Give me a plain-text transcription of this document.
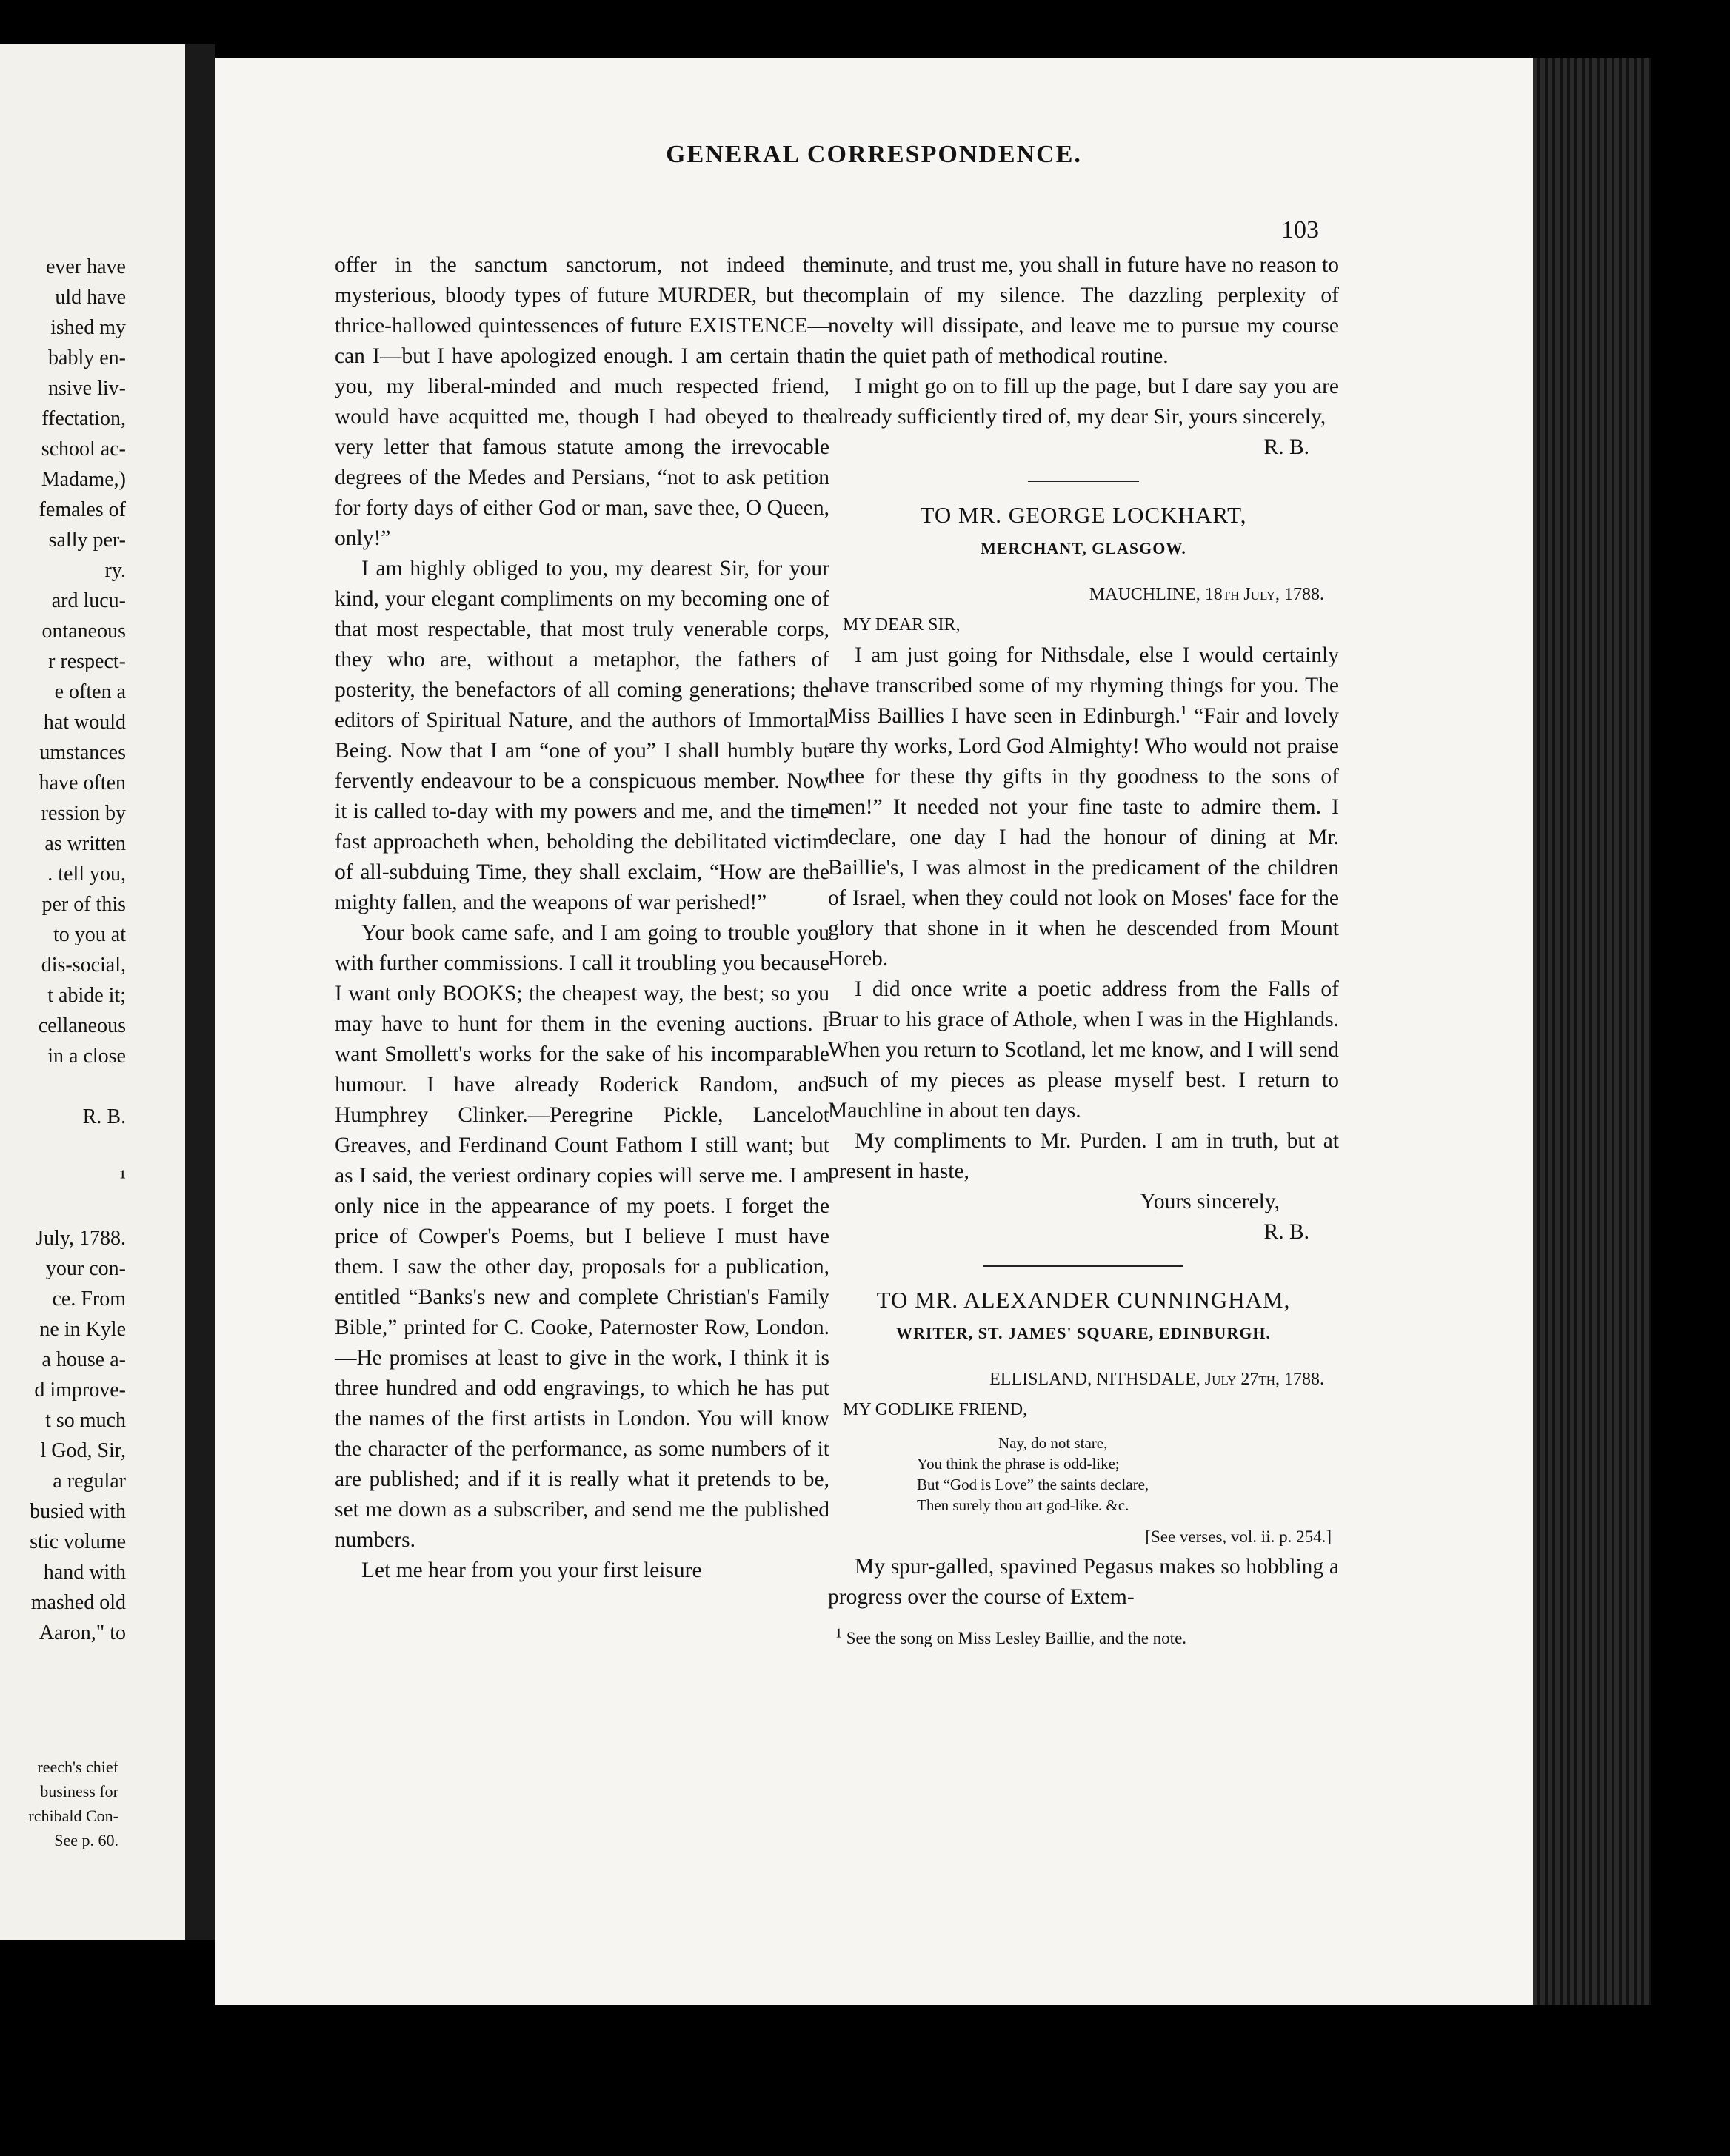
ever have
uld have
ished my
bably en-
nsive liv-
ffectation,
school ac-
Madame,)
females of
sally per-
ry.
ard lucu-
ontaneous
r respect-
e often a
hat would
umstances
have often
ression by
as written
. tell you,
per of this
to you at
dis-social,
t abide it;
cellaneous
in a close
R. B.
¹
July, 1788.
your con-
ce. From
ne in Kyle
a house a-
d improve-
t so much
l God, Sir,
a regular
busied with
stic volume
hand with
mashed old
Aaron," to
reech's chief
business for
rchibald Con-
See p. 60.
GENERAL CORRESPONDENCE.
103

offer in the sanctum sanctorum, not indeed the mysterious, bloody types of future MURDER, but the thrice-hallowed quintessences of future EXISTENCE—can I—but I have apologized enough. I am certain that you, my liberal-minded and much respected friend, would have acquitted me, though I had obeyed to the very letter that famous statute among the irrevocable degrees of the Medes and Persians, “not to ask petition for forty days of either God or man, save thee, O Queen, only!”

I am highly obliged to you, my dearest Sir, for your kind, your elegant compliments on my becoming one of that most respectable, that most truly venerable corps, they who are, without a metaphor, the fathers of posterity, the benefactors of all coming generations; the editors of Spiritual Nature, and the authors of Immortal Being. Now that I am “one of you” I shall humbly but fervently endeavour to be a conspicuous member. Now it is called to-day with my powers and me, and the time fast approacheth when, beholding the debilitated victim of all-subduing Time, they shall exclaim, “How are the mighty fallen, and the weapons of war perished!”

Your book came safe, and I am going to trouble you with further commissions. I call it troubling you because I want only BOOKS; the cheapest way, the best; so you may have to hunt for them in the evening auctions. I want Smollett's works for the sake of his incomparable humour. I have already Roderick Random, and Humphrey Clinker.—Peregrine Pickle, Lancelot Greaves, and Ferdinand Count Fathom I still want; but as I said, the veriest ordinary copies will serve me. I am only nice in the appearance of my poets. I forget the price of Cowper's Poems, but I believe I must have them. I saw the other day, proposals for a publication, entitled “Banks's new and complete Christian's Family Bible,” printed for C. Cooke, Paternoster Row, London.—He promises at least to give in the work, I think it is three hundred and odd engravings, to which he has put the names of the first artists in London. You will know the character of the performance, as some numbers of it are published; and if it is really what it pretends to be, set me down as a subscriber, and send me the published numbers.

Let me hear from you your first leisure

minute, and trust me, you shall in future have no reason to complain of my silence. The dazzling perplexity of novelty will dissipate, and leave me to pursue my course in the quiet path of methodical routine.

I might go on to fill up the page, but I dare say you are already sufficiently tired of, my dear Sir, yours sincerely,

R. B.

TO MR. GEORGE LOCKHART,
MERCHANT, GLASGOW.
MAUCHLINE, 18th July, 1788.
MY DEAR SIR,

I am just going for Nithsdale, else I would certainly have transcribed some of my rhyming things for you. The Miss Baillies I have seen in Edinburgh.$^1$ “Fair and lovely are thy works, Lord God Almighty! Who would not praise thee for these thy gifts in thy goodness to the sons of men!” It needed not your fine taste to admire them. I declare, one day I had the honour of dining at Mr. Baillie's, I was almost in the predicament of the children of Israel, when they could not look on Moses' face for the glory that shone in it when he descended from Mount Horeb.

I did once write a poetic address from the Falls of Bruar to his grace of Athole, when I was in the Highlands. When you return to Scotland, let me know, and I will send such of my pieces as please myself best. I return to Mauchline in about ten days.

My compliments to Mr. Purden. I am in truth, but at present in haste,

Yours sincerely,

R. B.

TO MR. ALEXANDER CUNNINGHAM,
WRITER, ST. JAMES' SQUARE, EDINBURGH.
ELLISLAND, NITHSDALE, July 27th, 1788.
MY GODLIKE FRIEND,
Nay, do not stare,
You think the phrase is odd-like;
But “God is Love” the saints declare,
Then surely thou art god-like. &c.
[See verses, vol. ii. p. 254.]

My spur-galled, spavined Pegasus makes so hobbling a progress over the course of Extem-

$^1$ See the song on Miss Lesley Baillie, and the note.
